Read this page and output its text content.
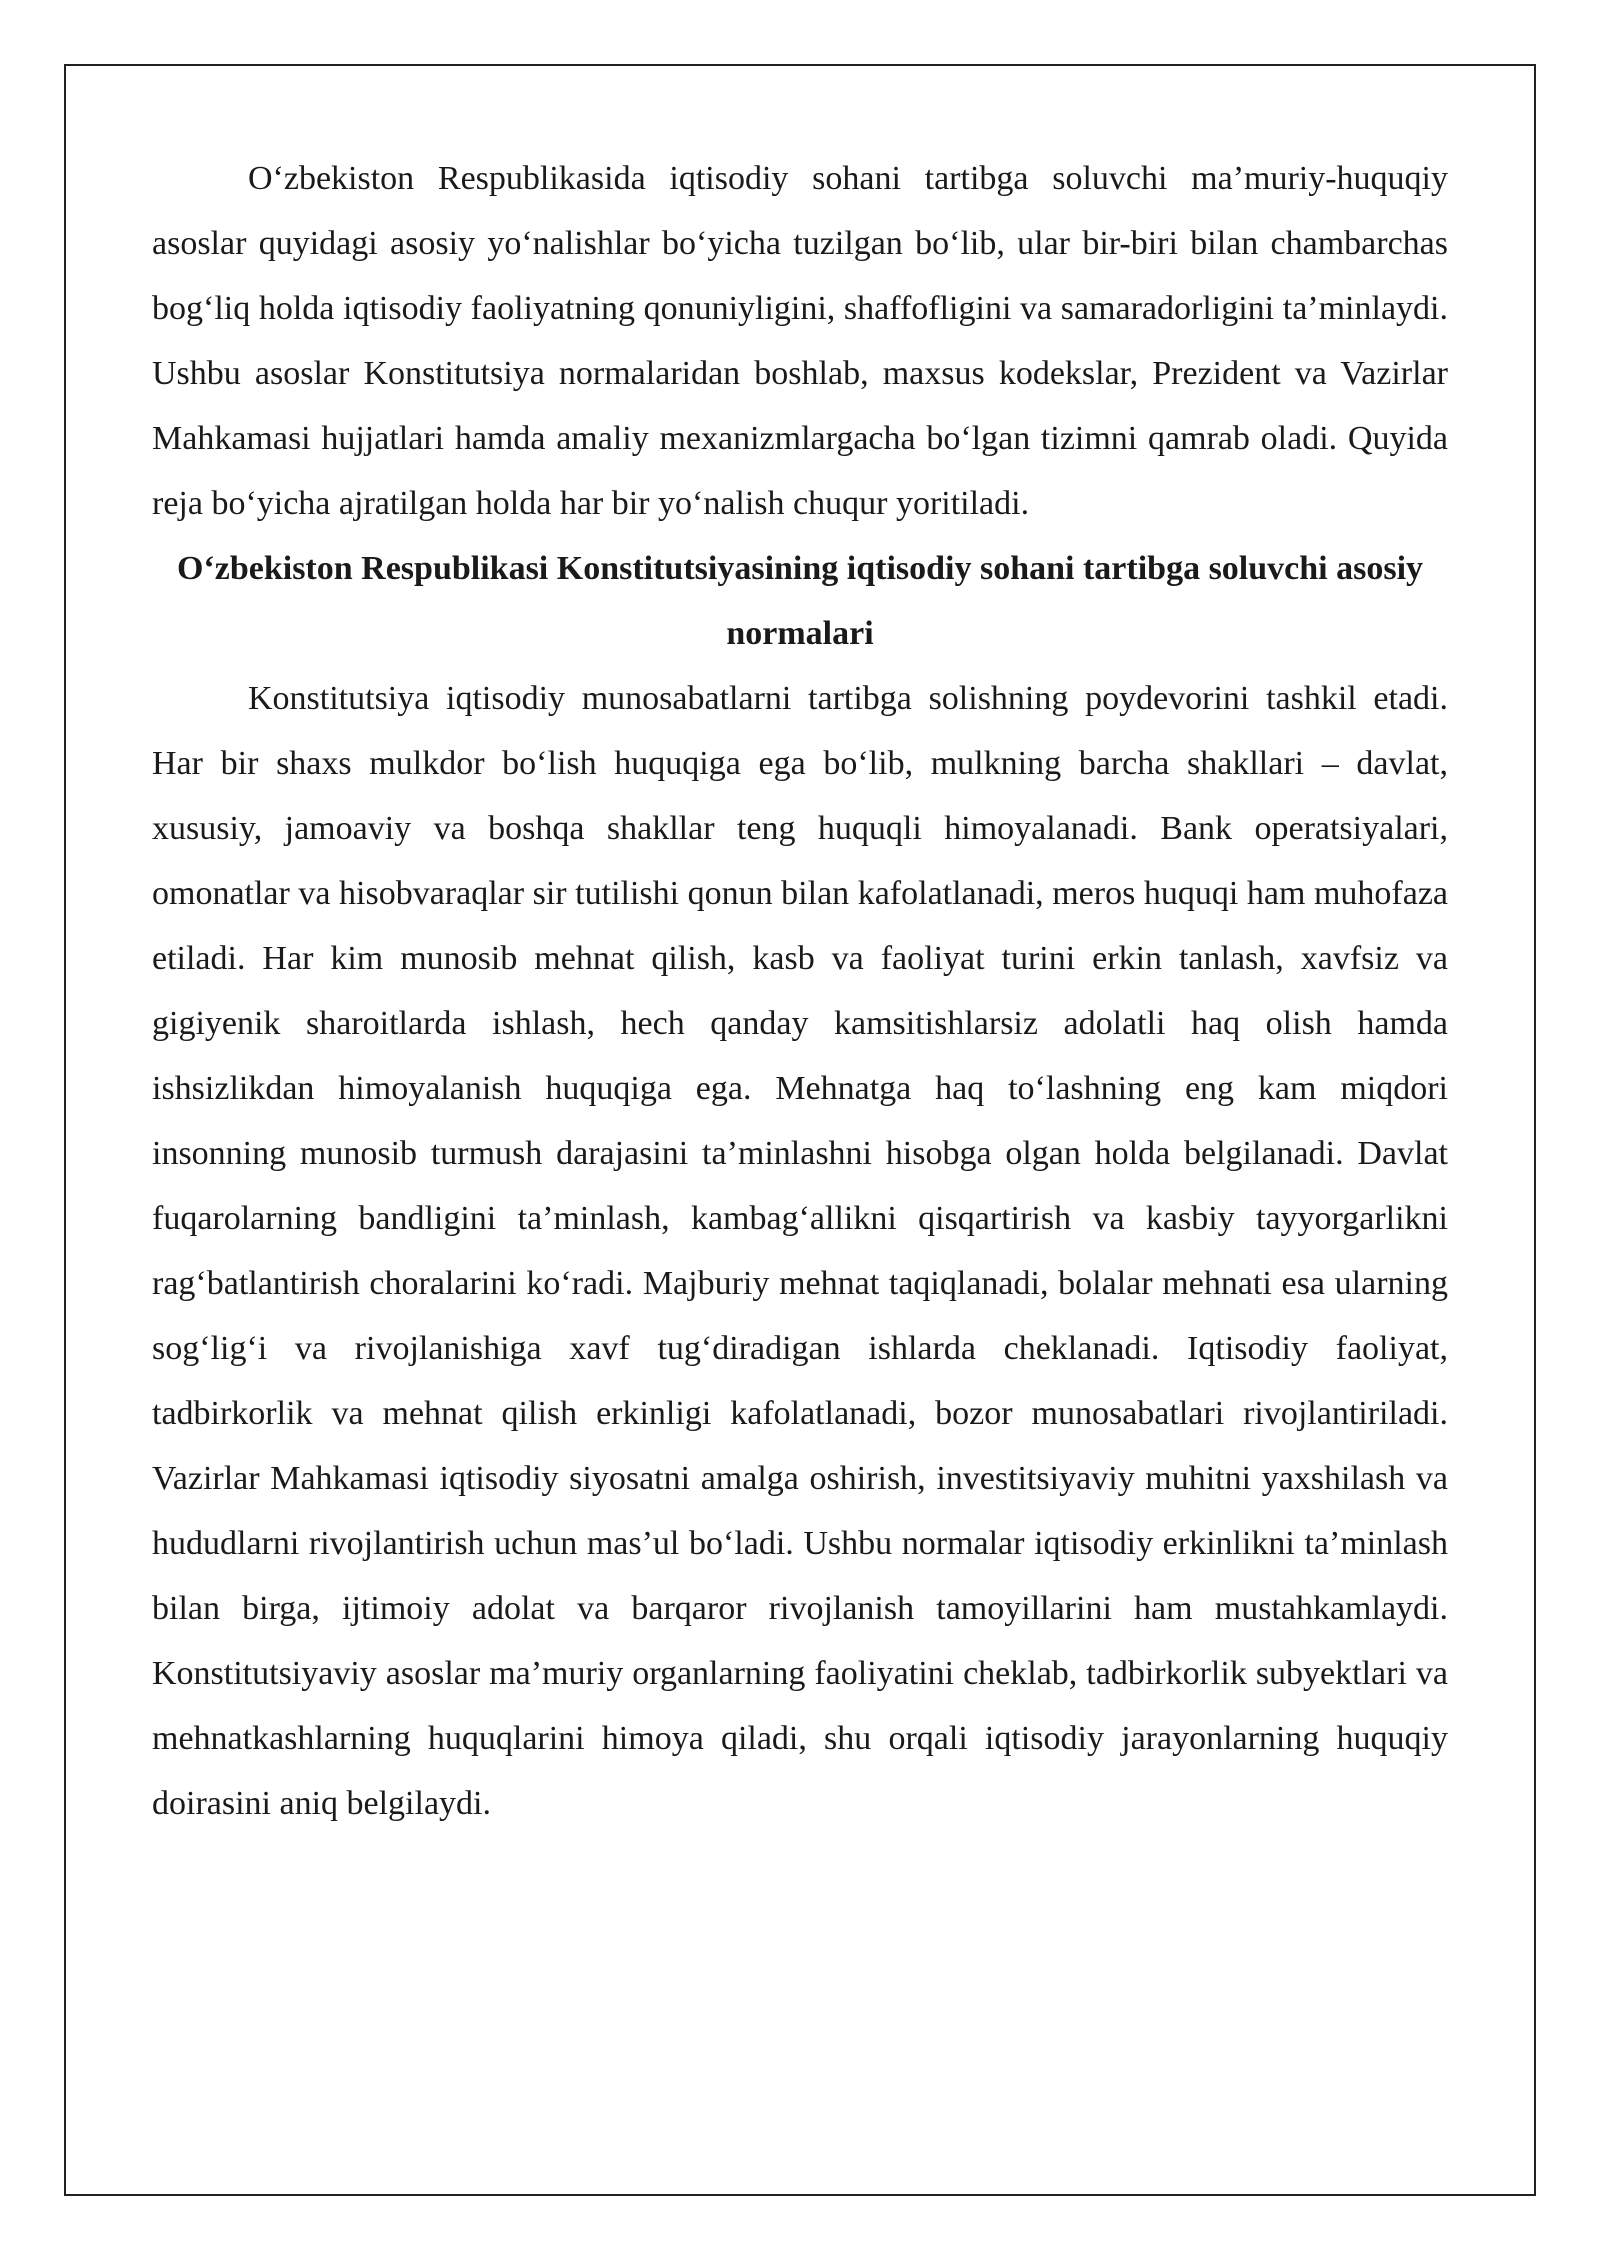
O‘zbekiston Respublikasida iqtisodiy sohani tartibga soluvchi ma’muriy-huquqiy asoslar quyidagi asosiy yo‘nalishlar bo‘yicha tuzilgan bo‘lib, ular bir-biri bilan chambarchas bog‘liq holda iqtisodiy faoliyatning qonuniyligini, shaffofligini va samaradorligini ta’minlaydi. Ushbu asoslar Konstitutsiya normalaridan boshlab, maxsus kodekslar, Prezident va Vazirlar Mahkamasi hujjatlari hamda amaliy mexanizmlargacha bo‘lgan tizimni qamrab oladi. Quyida reja bo‘yicha ajratilgan holda har bir yo‘nalish chuqur yoritiladi.

O‘zbekiston Respublikasi Konstitutsiyasining iqtisodiy sohani tartibga soluvchi asosiy normalari

Konstitutsiya iqtisodiy munosabatlarni tartibga solishning poydevorini tashkil etadi. Har bir shaxs mulkdor bo‘lish huquqiga ega bo‘lib, mulkning barcha shakllari – davlat, xususiy, jamoaviy va boshqa shakllar teng huquqli himoyalanadi. Bank operatsiyalari, omonatlar va hisobvaraqlar sir tutilishi qonun bilan kafolatlanadi, meros huquqi ham muhofaza etiladi. Har kim munosib mehnat qilish, kasb va faoliyat turini erkin tanlash, xavfsiz va gigiyenik sharoitlarda ishlash, hech qanday kamsitishlarsiz adolatli haq olish hamda ishsizlikdan himoyalanish huquqiga ega. Mehnatga haq to‘lashning eng kam miqdori insonning munosib turmush darajasini ta’minlashni hisobga olgan holda belgilanadi. Davlat fuqarolarning bandligini ta’minlash, kambag‘allikni qisqartirish va kasbiy tayyorgarlikni rag‘batlantirish choralarini ko‘radi. Majburiy mehnat taqiqlanadi, bolalar mehnati esa ularning sog‘lig‘i va rivojlanishiga xavf tug‘diradigan ishlarda cheklanadi. Iqtisodiy faoliyat, tadbirkorlik va mehnat qilish erkinligi kafolatlanadi, bozor munosabatlari rivojlantiriladi. Vazirlar Mahkamasi iqtisodiy siyosatni amalga oshirish, investitsiyaviy muhitni yaxshilash va hududlarni rivojlantirish uchun mas’ul bo‘ladi. Ushbu normalar iqtisodiy erkinlikni ta’minlash bilan birga, ijtimoiy adolat va barqaror rivojlanish tamoyillarini ham mustahkamlaydi. Konstitutsiyaviy asoslar ma’muriy organlarning faoliyatini cheklab, tadbirkorlik subyektlari va mehnatkashlarning huquqlarini himoya qiladi, shu orqali iqtisodiy jarayonlarning huquqiy doirasini aniq belgilaydi.
